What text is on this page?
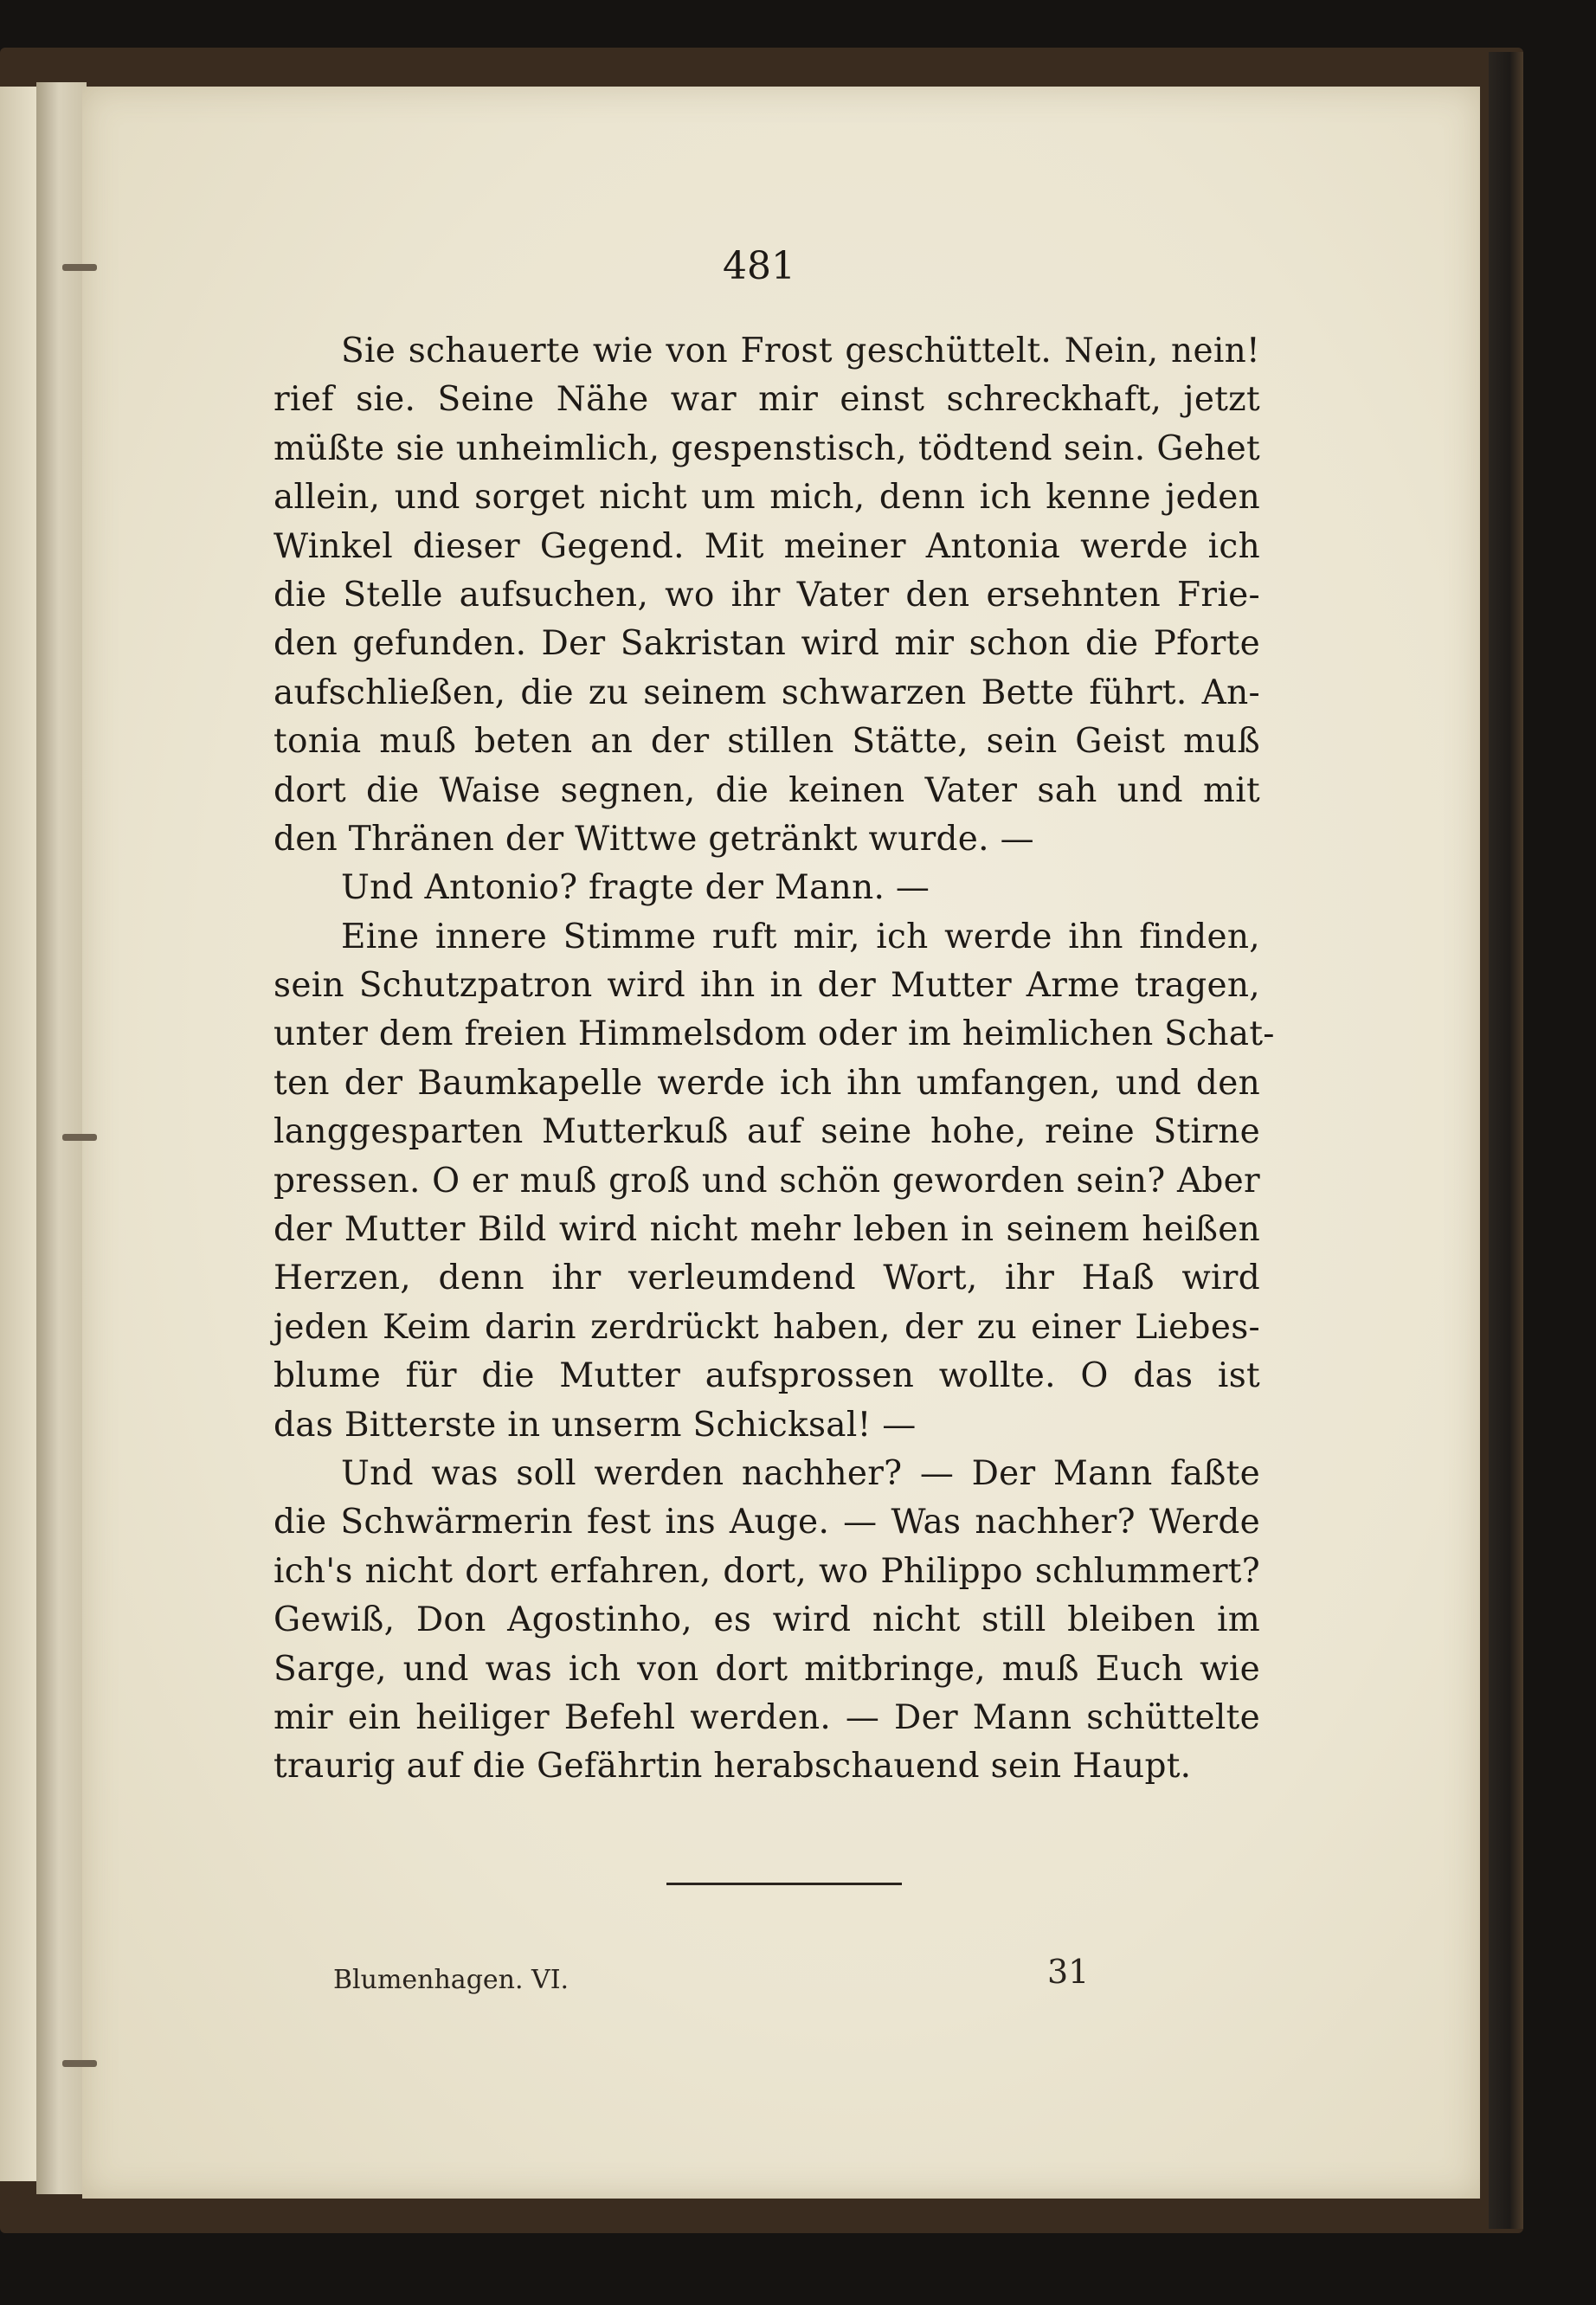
481
Sie schauerte wie von Frost geschüttelt. Nein, nein!
rief sie. Seine Nähe war mir einst schreckhaft, jetzt
müßte sie unheimlich, gespenstisch, tödtend sein. Gehet
allein, und sorget nicht um mich, denn ich kenne jeden
Winkel dieser Gegend. Mit meiner Antonia werde ich
die Stelle aufsuchen, wo ihr Vater den ersehnten Frie-
den gefunden. Der Sakristan wird mir schon die Pforte
aufschließen, die zu seinem schwarzen Bette führt. An-
tonia muß beten an der stillen Stätte, sein Geist muß
dort die Waise segnen, die keinen Vater sah und mit
den Thränen der Wittwe getränkt wurde. —
Und Antonio? fragte der Mann. —
Eine innere Stimme ruft mir, ich werde ihn finden,
sein Schutzpatron wird ihn in der Mutter Arme tragen,
unter dem freien Himmelsdom oder im heimlichen Schat-
ten der Baumkapelle werde ich ihn umfangen, und den
langgesparten Mutterkuß auf seine hohe, reine Stirne
pressen. O er muß groß und schön geworden sein? Aber
der Mutter Bild wird nicht mehr leben in seinem heißen
Herzen, denn ihr verleumdend Wort, ihr Haß wird
jeden Keim darin zerdrückt haben, der zu einer Liebes-
blume für die Mutter aufsprossen wollte. O das ist
das Bitterste in unserm Schicksal! —
Und was soll werden nachher? — Der Mann faßte
die Schwärmerin fest ins Auge. — Was nachher? Werde
ich's nicht dort erfahren, dort, wo Philippo schlummert?
Gewiß, Don Agostinho, es wird nicht still bleiben im
Sarge, und was ich von dort mitbringe, muß Euch wie
mir ein heiliger Befehl werden. — Der Mann schüttelte
traurig auf die Gefährtin herabschauend sein Haupt.
Blumenhagen. VI.	31
